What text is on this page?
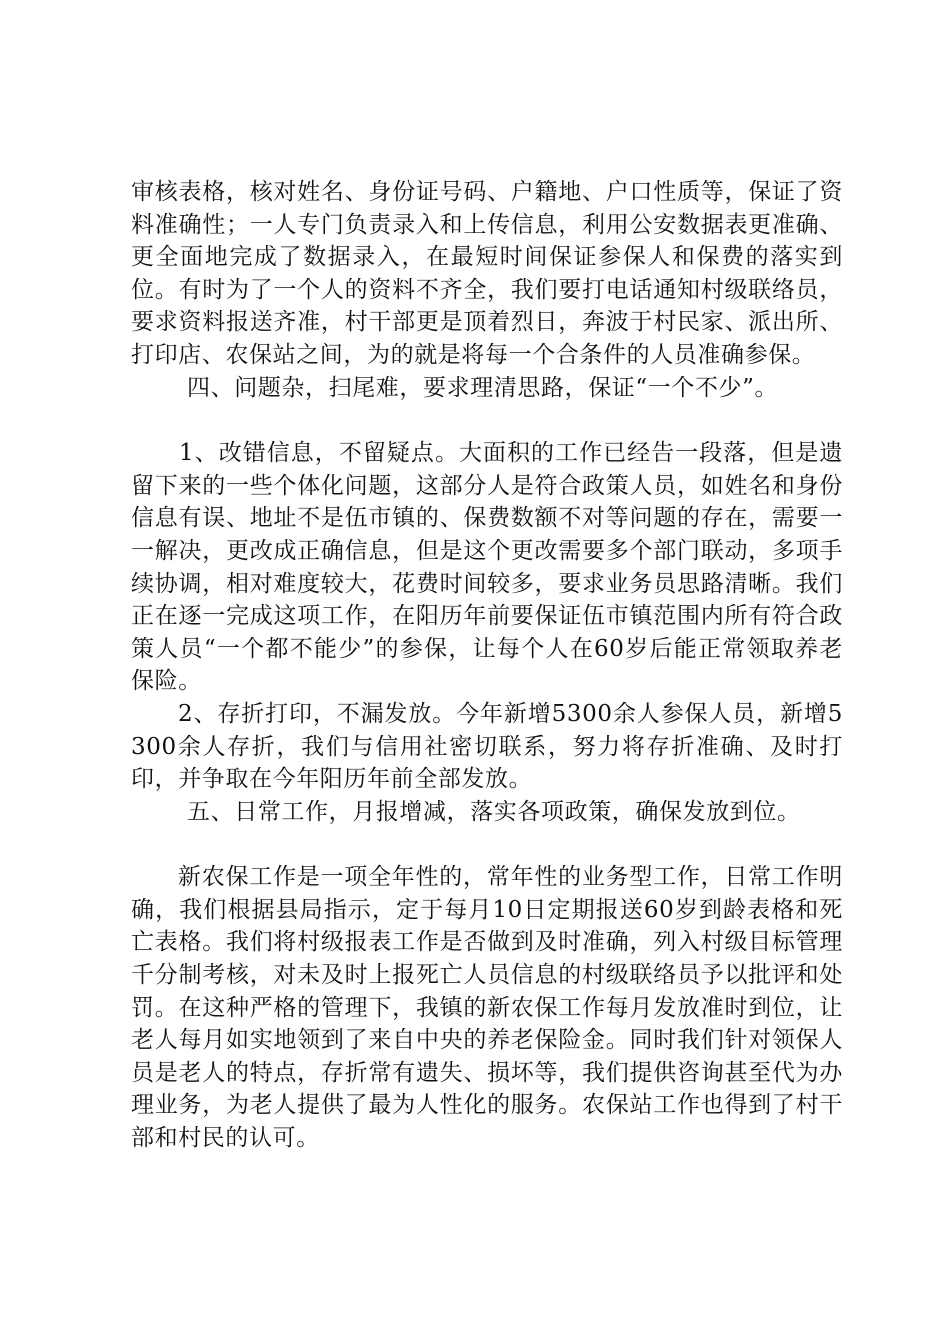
审核表格，核对姓名、身份证号码、户籍地、户口性质等，保证了资料准确性；一人专门负责录入和上传信息，利用公安数据表更准确、更全面地完成了数据录入，在最短时间保证参保人和保费的落实到位。有时为了一个人的资料不齐全，我们要打电话通知村级联络员，要求资料报送齐准，村干部更是顶着烈日，奔波于村民家、派出所、打印店、农保站之间，为的就是将每一个合条件的人员准确参保。

四、问题杂，扫尾难，要求理清思路，保证“一个不少”。

1、改错信息，不留疑点。大面积的工作已经告一段落，但是遗留下来的一些个体化问题，这部分人是符合政策人员，如姓名和身份信息有误、地址不是伍市镇的、保费数额不对等问题的存在，需要一一解决，更改成正确信息，但是这个更改需要多个部门联动，多项手续协调，相对难度较大，花费时间较多，要求业务员思路清晰。我们正在逐一完成这项工作，在阳历年前要保证伍市镇范围内所有符合政策人员“一个都不能少”的参保，让每个人在60岁后能正常领取养老保险。

2、存折打印，不漏发放。今年新增5300余人参保人员，新增5300余人存折，我们与信用社密切联系，努力将存折准确、及时打印，并争取在今年阳历年前全部发放。

五、日常工作，月报增减，落实各项政策，确保发放到位。

新农保工作是一项全年性的，常年性的业务型工作，日常工作明确，我们根据县局指示，定于每月10日定期报送60岁到龄表格和死亡表格。我们将村级报表工作是否做到及时准确，列入村级目标管理千分制考核，对未及时上报死亡人员信息的村级联络员予以批评和处罚。在这种严格的管理下，我镇的新农保工作每月发放准时到位，让老人每月如实地领到了来自中央的养老保险金。同时我们针对领保人员是老人的特点，存折常有遗失、损坏等，我们提供咨询甚至代为办理业务，为老人提供了最为人性化的服务。农保站工作也得到了村干部和村民的认可。
